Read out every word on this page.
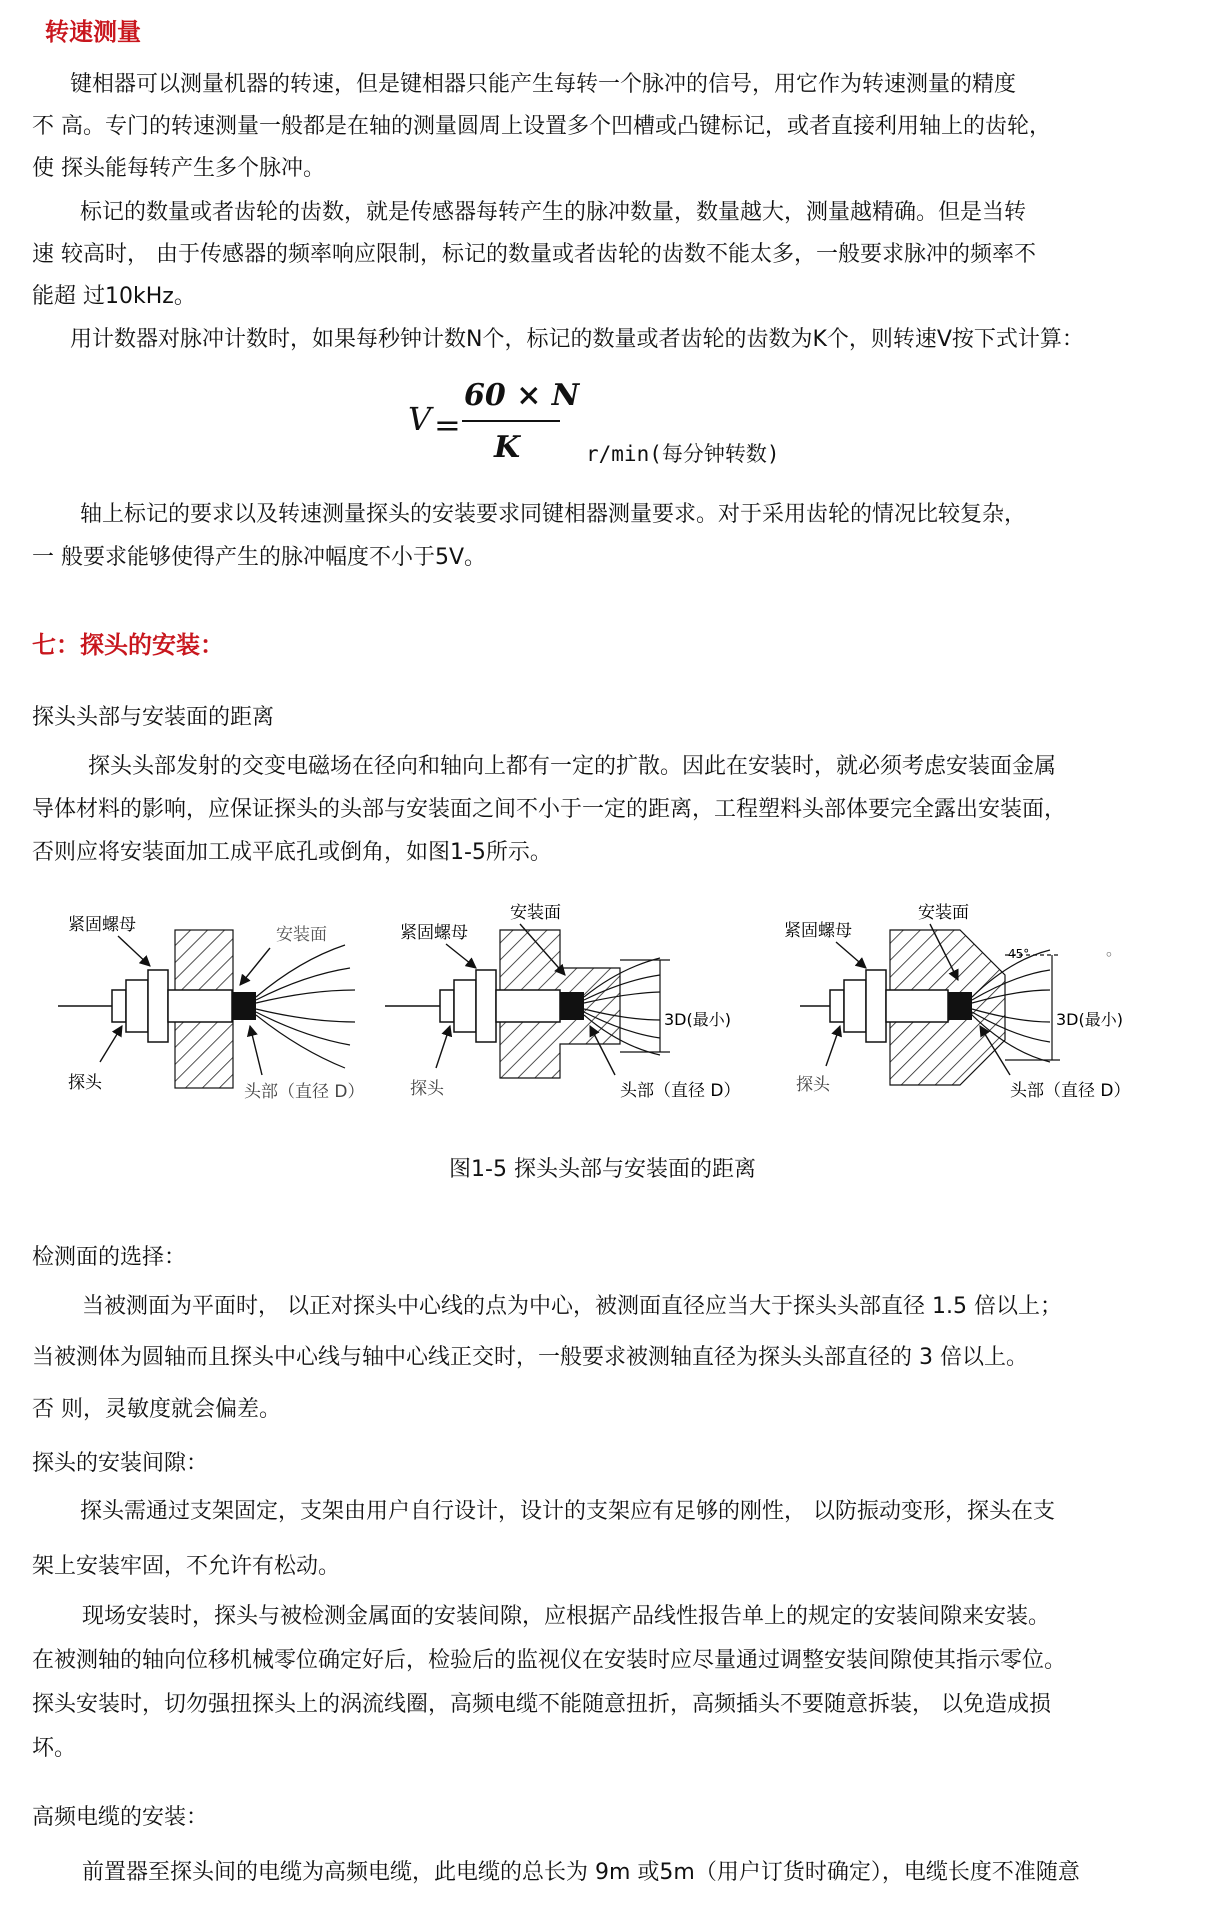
转速测量
键相器可以测量机器的转速，但是键相器只能产生每转一个脉冲的信号，用它作为转速测量的精度
不 高。专门的转速测量一般都是在轴的测量圆周上设置多个凹槽或凸键标记，或者直接利用轴上的齿轮，
使 探头能每转产生多个脉冲。
标记的数量或者齿轮的齿数，就是传感器每转产生的脉冲数量，数量越大，测量越精确。但是当转
速 较高时， 由于传感器的频率响应限制，标记的数量或者齿轮的齿数不能太多，一般要求脉冲的频率不
能超 过10kHz。
用计数器对脉冲计数时，如果每秒钟计数N个，标记的数量或者齿轮的齿数为K个，则转速V按下式计算：
V =
60 × N
K	r/min(每分钟转数)
轴上标记的要求以及转速测量探头的安装要求同键相器测量要求。对于采用齿轮的情况比较复杂，
一 般要求能够使得产生的脉冲幅度不小于5V。
七：探头的安装：
探头头部与安装面的距离
探头头部发射的交变电磁场在径向和轴向上都有一定的扩散。因此在安装时，就必须考虑安装面金属
导体材料的影响，应保证探头的头部与安装面之间不小于一定的距离，工程塑料头部体要完全露出安装面，
否则应将安装面加工成平底孔或倒角，如图1-5所示。
紧固螺母	安装面
探头	头部（直径 D）
3D(最小)
紧固螺母
安装面
探头	头部（直径 D）
3D(最小)
45°	。
紧固螺母
安装面
探头	头部（直径 D）
图1-5 探头头部与安装面的距离
检测面的选择：
当被测面为平面时， 以正对探头中心线的点为中心，被测面直径应当大于探头头部直径 1.5 倍以上；
当被测体为圆轴而且探头中心线与轴中心线正交时，一般要求被测轴直径为探头头部直径的 3 倍以上。
否 则，灵敏度就会偏差。
探头的安装间隙：
探头需通过支架固定，支架由用户自行设计，设计的支架应有足够的刚性， 以防振动变形，探头在支
架上安装牢固，不允许有松动。
现场安装时，探头与被检测金属面的安装间隙，应根据产品线性报告单上的规定的安装间隙来安装。
在被测轴的轴向位移机械零位确定好后，检验后的监视仪在安装时应尽量通过调整安装间隙使其指示零位。
探头安装时，切勿强扭探头上的涡流线圈，高频电缆不能随意扭折，高频插头不要随意拆装， 以免造成损
坏。
高频电缆的安装：
前置器至探头间的电缆为高频电缆，此电缆的总长为 9m 或5m（用户订货时确定），电缆长度不准随意
